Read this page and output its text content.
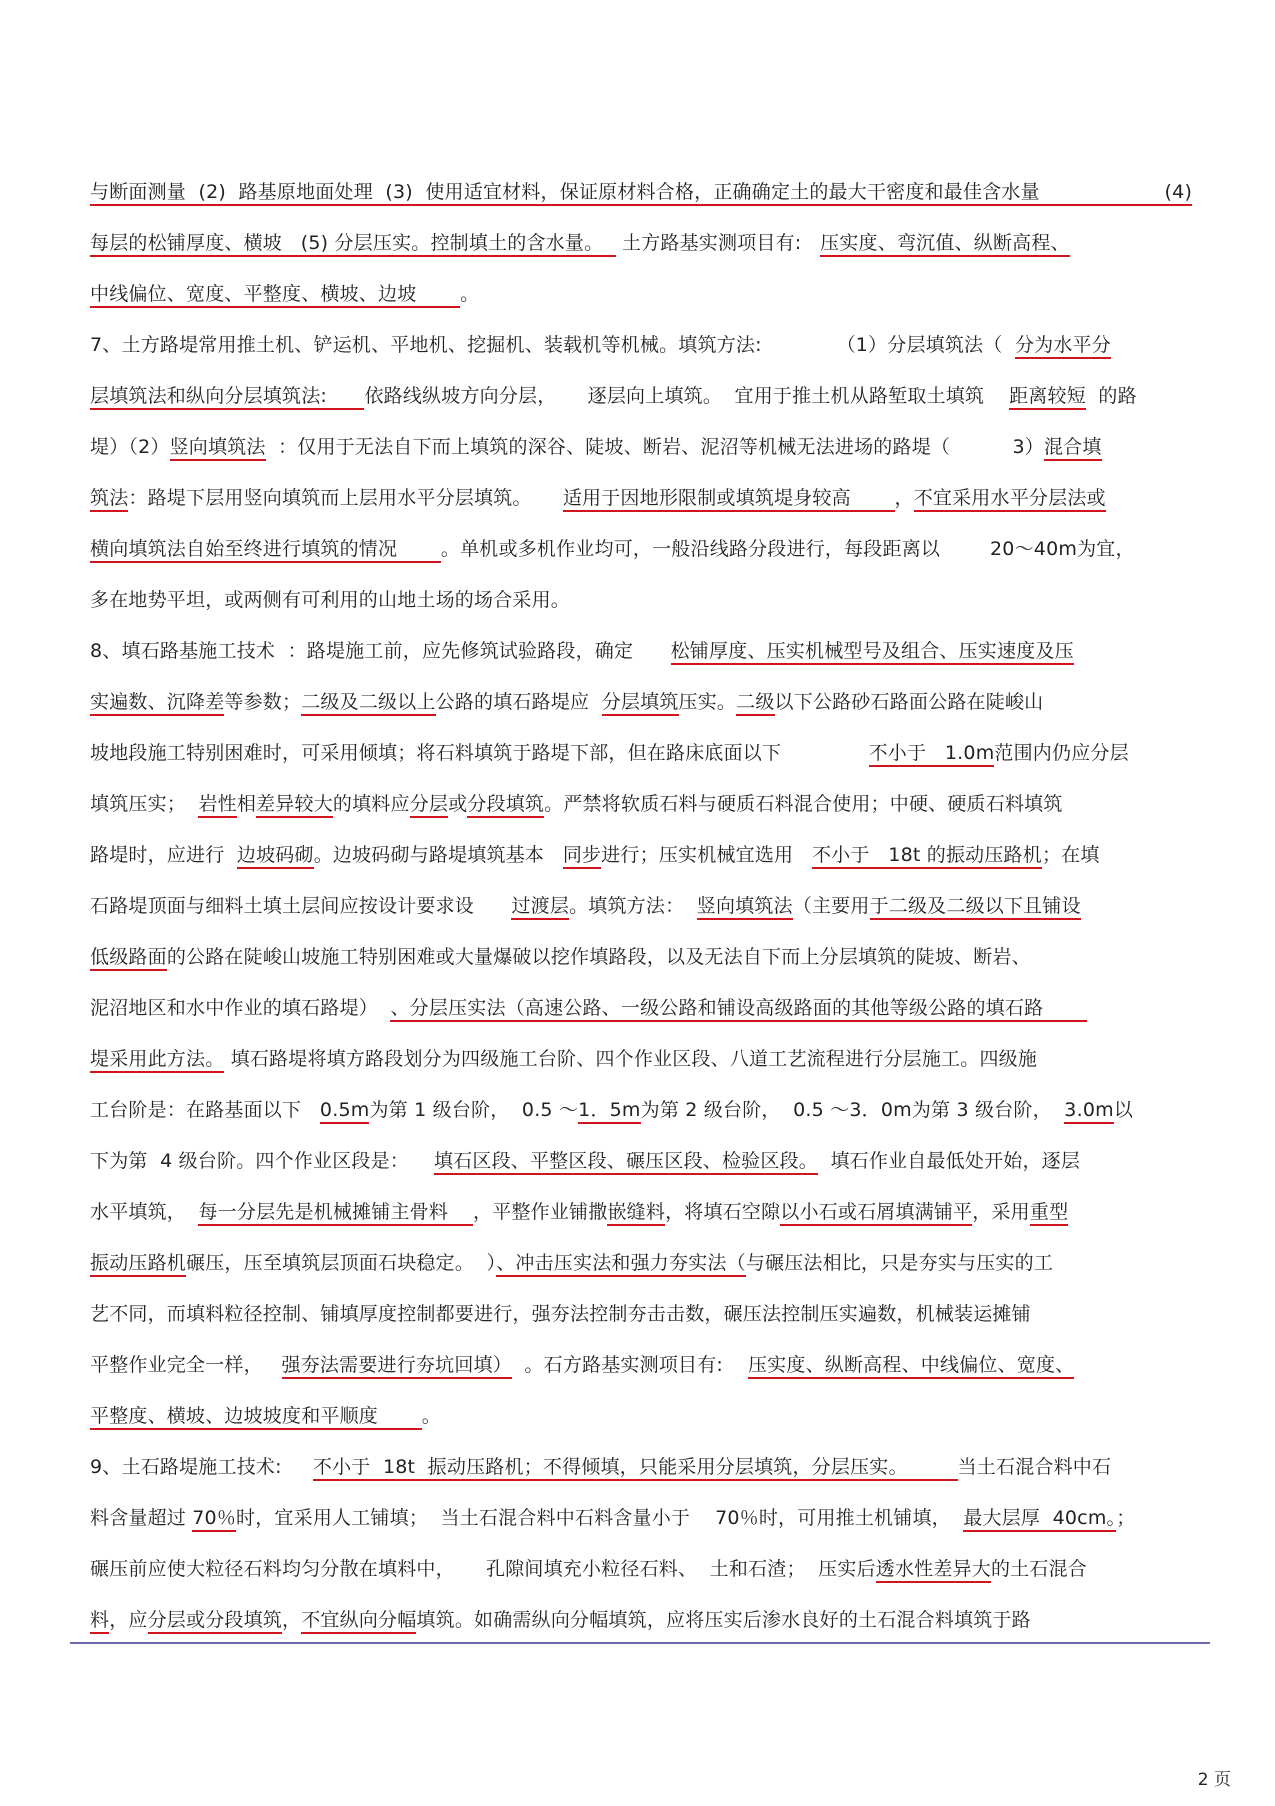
与断面测量  (2)  路基原地面处理  (3)  使用适宜材料，保证原材料合格，正确确定土的最大干密度和最佳含水量                    (4)
每层的松铺厚度、横坡   (5) 分层压实。控制填土的含水量。   土方路基实测项目有:   压实度、弯沉值、纵断高程、
中线偏位、宽度、平整度、横坡、边坡       。
7、土方路堤常用推土机、铲运机、平地机、挖掘机、装载机等机械。填筑方法:            （1）分层填筑法（  分为水平分
层填筑法和纵向分层填筑法:      依路线纵坡方向分层，     逐层向上填筑。  宜用于推土机从路堑取土填筑    距离较短  的路
堤）（2）竖向填筑法  ：仅用于无法自下而上填筑的深谷、陡坡、断岩、泥沼等机械无法进场的路堤（          3）混合填
筑法：路堤下层用竖向填筑而上层用水平分层填筑。     适用于因地形限制或填筑堤身较高       ，不宜采用水平分层法或
横向填筑法自始至终进行填筑的情况       。单机或多机作业均可，一般沿线路分段进行，每段距离以        20～40m为宜，
多在地势平坦，或两侧有可利用的山地土场的场合采用。
8、填石路基施工技术  ：路堤施工前，应先修筑试验路段，确定      松铺厚度、压实机械型号及组合、压实速度及压
实遍数、沉降差等参数；二级及二级以上公路的填石路堤应  分层填筑压实。二级以下公路砂石路面公路在陡峻山
坡地段施工特别困难时，可采用倾填；将石料填筑于路堤下部，但在路床底面以下              不小于   1.0m范围内仍应分层
填筑压实；  岩性相差异较大的填料应分层或分段填筑。严禁将软质石料与硬质石料混合使用；中硬、硬质石料填筑
路堤时，应进行  边坡码砌。边坡码砌与路堤填筑基本   同步进行；压实机械宜选用   不小于   18t 的振动压路机；在填
石路堤顶面与细料土填土层间应按设计要求设      过渡层。填筑方法：  竖向填筑法（主要用于二级及二级以下且铺设
低级路面的公路在陡峻山坡施工特别困难或大量爆破以挖作填路段，以及无法自下而上分层填筑的陡坡、断岩、
泥沼地区和水中作业的填石路堤）  、分层压实法（高速公路、一级公路和铺设高级路面的其他等级公路的填石路
堤采用此方法。 填石路堤将填方路段划分为四级施工台阶、四个作业区段、八道工艺流程进行分层施工。四级施
工台阶是：在路基面以下   0.5m为第 1 级台阶，  0.5 ～1．5m为第 2 级台阶，  0.5 ～3．0m为第 3 级台阶，  3.0m以
下为第  4 级台阶。四个作业区段是：    填石区段、平整区段、碾压区段、检验区段。  填石作业自最低处开始，逐层
水平填筑，  每一分层先是机械摊铺主骨料    ，平整作业铺撒嵌缝料，将填石空隙以小石或石屑填满铺平，采用重型
振动压路机碾压，压至填筑层顶面石块稳定。  ）、冲击压实法和强力夯实法（与碾压法相比，只是夯实与压实的工
艺不同，而填料粒径控制、铺填厚度控制都要进行，强夯法控制夯击击数，碾压法控制压实遍数，机械装运摊铺
平整作业完全一样，   强夯法需要进行夯坑回填）  。石方路基实测项目有:    压实度、纵断高程、中线偏位、宽度、
平整度、横坡、边坡坡度和平顺度       。
9、土石路堤施工技术:     不小于  18t  振动压路机；不得倾填，只能采用分层填筑，分层压实。        当土石混合料中石
料含量超过 70％时，宜采用人工铺填；  当土石混合料中石料含量小于    70％时，可用推土机铺填，  最大层厚  40cm。；
碾压前应使大粒径石料均匀分散在填料中，     孔隙间填充小粒径石料、  土和石渣；  压实后透水性差异大的土石混合
料，应分层或分段填筑，不宜纵向分幅填筑。如确需纵向分幅填筑，应将压实后渗水良好的土石混合料填筑于路
2 页
